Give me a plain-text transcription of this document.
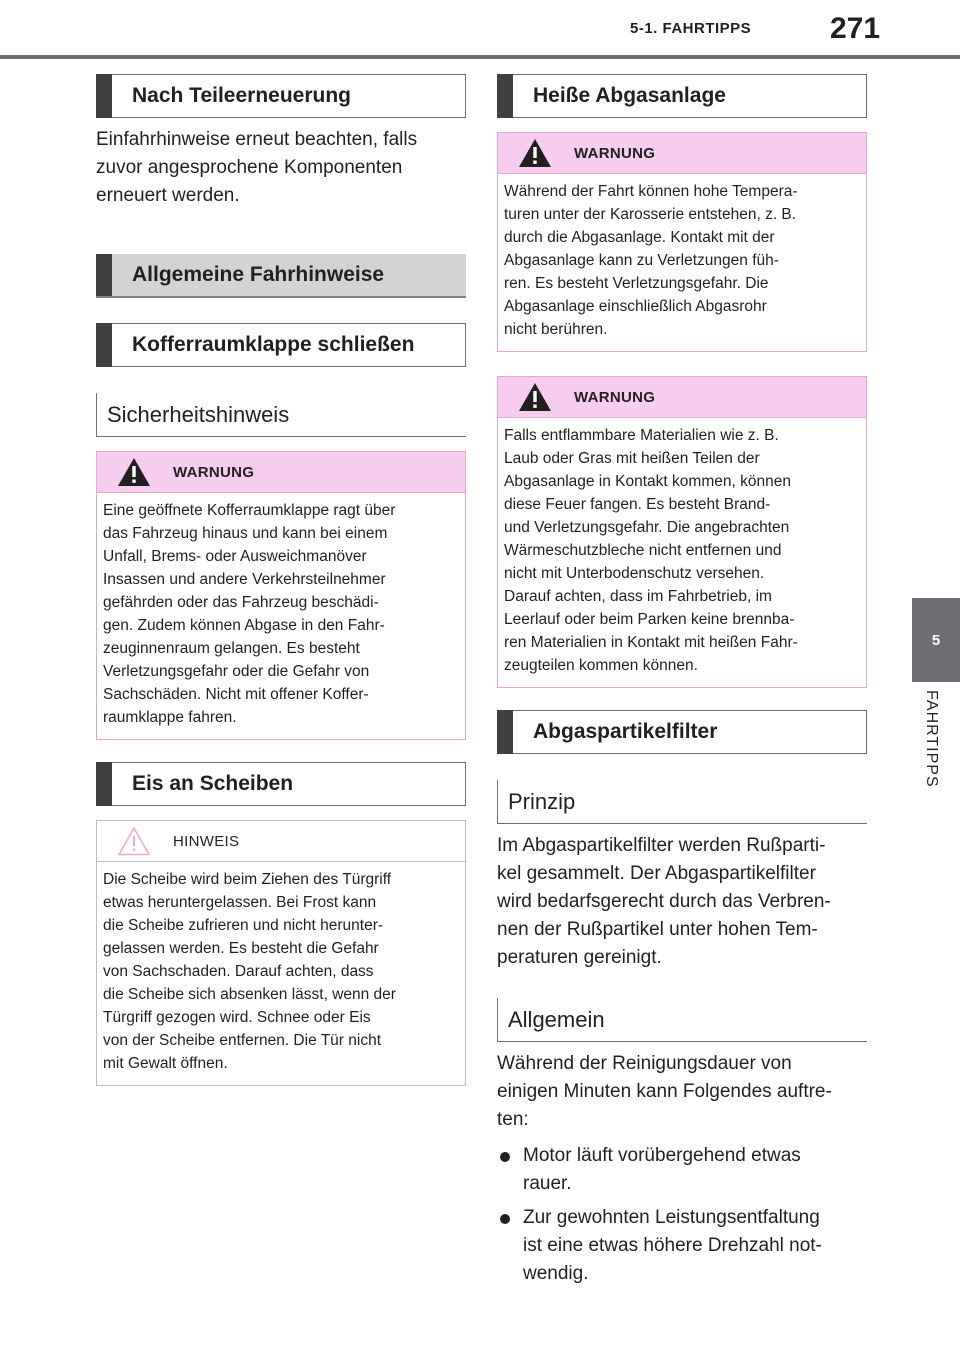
5-1. FAHRTIPPS	271
5
FAHRTIPPS
Nach Teileerneuerung
Einfahrhinweise erneut beachten, falls
zuvor angesprochene Komponenten
erneuert werden.
Allgemeine Fahrhinweise
Kofferraumklappe schließen
Sicherheitshinweis
WARNUNG
Eine geöffnete Kofferraumklappe ragt über
das Fahrzeug hinaus und kann bei einem
Unfall, Brems- oder Ausweichmanöver
Insassen und andere Verkehrsteilnehmer
gefährden oder das Fahrzeug beschädi-
gen. Zudem können Abgase in den Fahr-
zeuginnenraum gelangen. Es besteht
Verletzungsgefahr oder die Gefahr von
Sachschäden. Nicht mit offener Koffer-
raumklappe fahren.
Eis an Scheiben
HINWEIS
Die Scheibe wird beim Ziehen des Türgriff
etwas heruntergelassen. Bei Frost kann
die Scheibe zufrieren und nicht herunter-
gelassen werden. Es besteht die Gefahr
von Sachschaden. Darauf achten, dass
die Scheibe sich absenken lässt, wenn der
Türgriff gezogen wird. Schnee oder Eis
von der Scheibe entfernen. Die Tür nicht
mit Gewalt öffnen.
Heiße Abgasanlage
WARNUNG
Während der Fahrt können hohe Tempera-
turen unter der Karosserie entstehen, z. B.
durch die Abgasanlage. Kontakt mit der
Abgasanlage kann zu Verletzungen füh-
ren. Es besteht Verletzungsgefahr. Die
Abgasanlage einschließlich Abgasrohr
nicht berühren.
WARNUNG
Falls entflammbare Materialien wie z. B.
Laub oder Gras mit heißen Teilen der
Abgasanlage in Kontakt kommen, können
diese Feuer fangen. Es besteht Brand-
und Verletzungsgefahr. Die angebrachten
Wärmeschutzbleche nicht entfernen und
nicht mit Unterbodenschutz versehen.
Darauf achten, dass im Fahrbetrieb, im
Leerlauf oder beim Parken keine brennba-
ren Materialien in Kontakt mit heißen Fahr-
zeugteilen kommen können.
Abgaspartikelfilter
Prinzip
Im Abgaspartikelfilter werden Rußparti-
kel gesammelt. Der Abgaspartikelfilter
wird bedarfsgerecht durch das Verbren-
nen der Rußpartikel unter hohen Tem-
peraturen gereinigt.
Allgemein
Während der Reinigungsdauer von
einigen Minuten kann Folgendes auftre-
ten:
Motor läuft vorübergehend etwas
rauer.
Zur gewohnten Leistungsentfaltung
ist eine etwas höhere Drehzahl not-
wendig.
